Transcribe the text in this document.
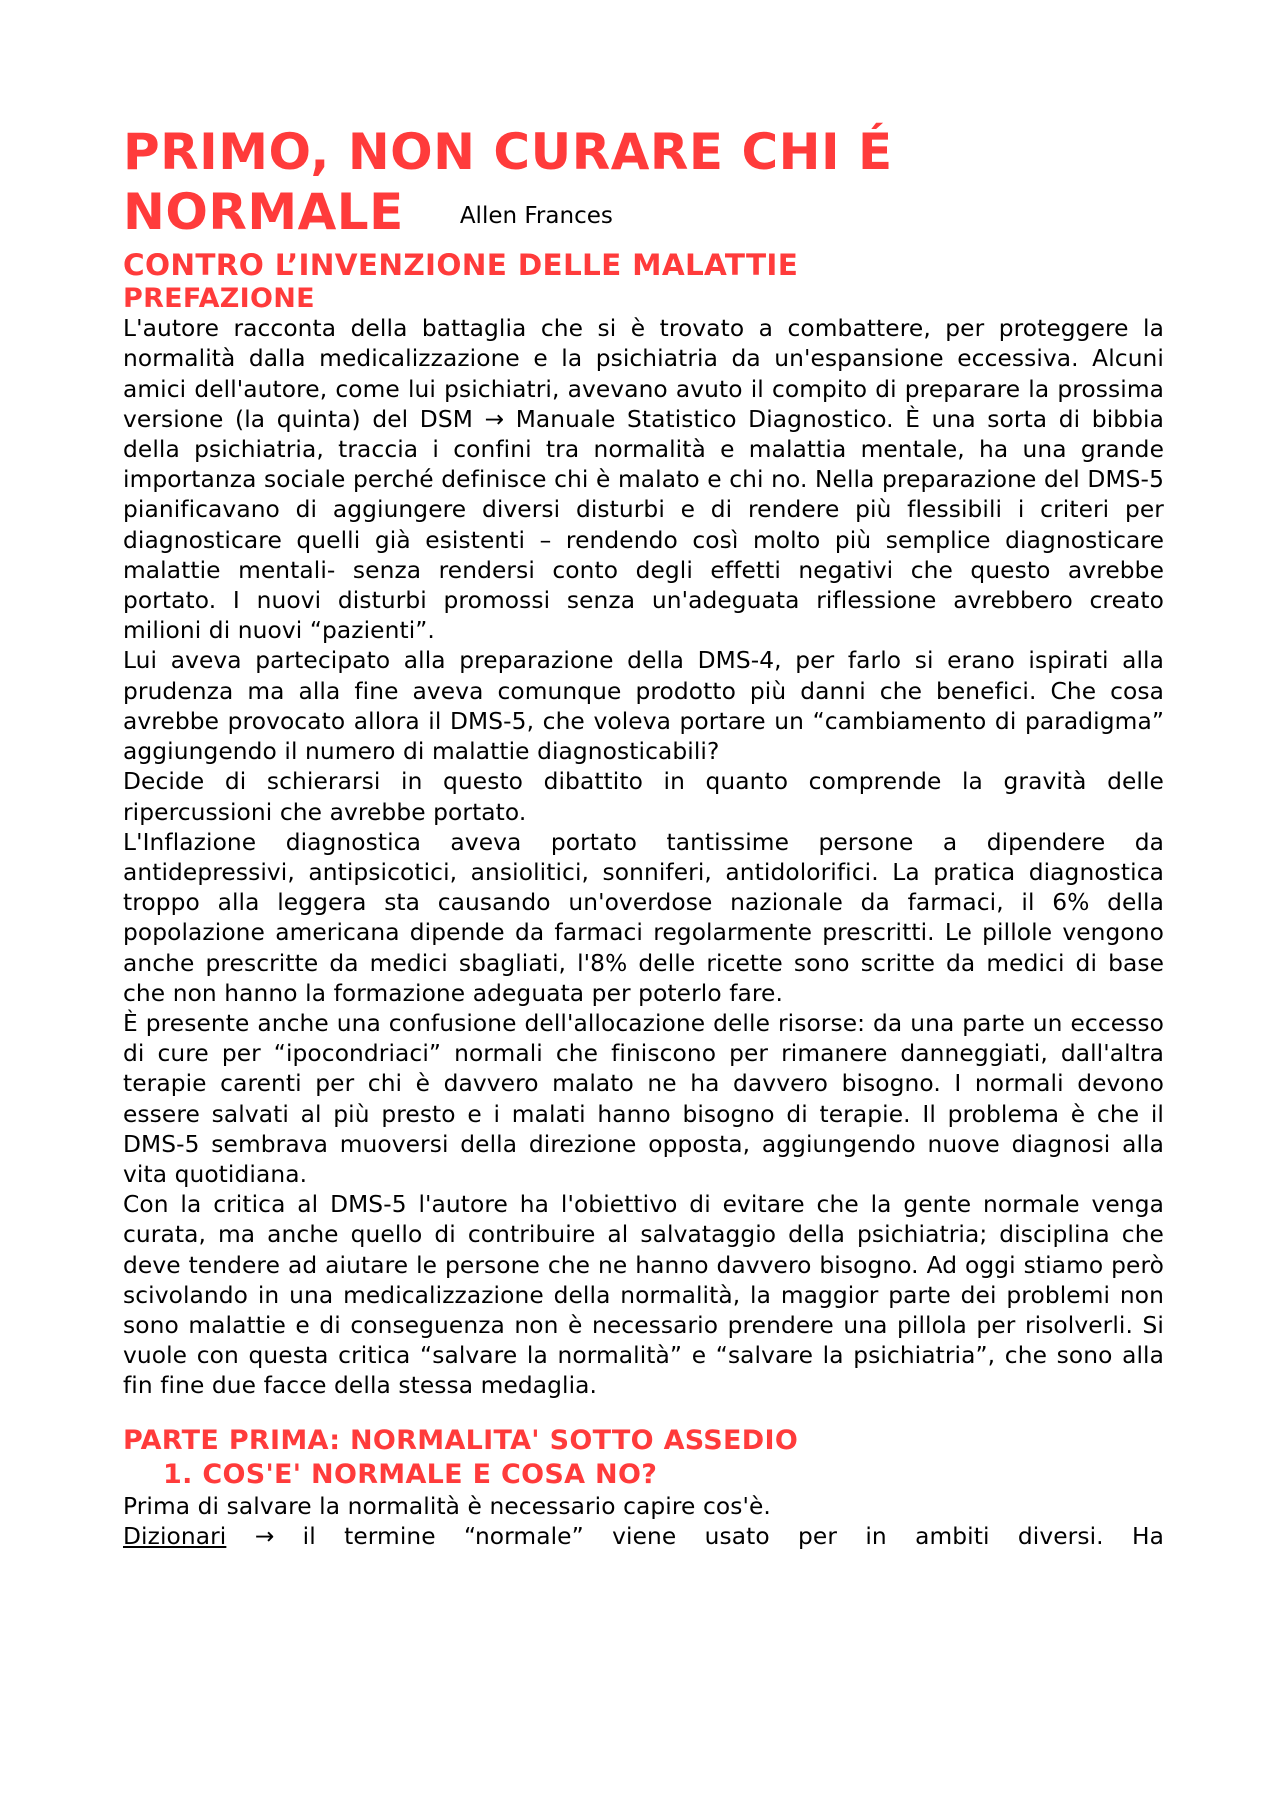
PRIMO, NON CURARE CHI É
NORMALE Allen Frances
CONTRO L’INVENZIONE DELLE MALATTIE
PREFAZIONE

L'autore racconta della battaglia che si è trovato a combattere, per proteggere la normalità dalla medicalizzazione e la psichiatria da un'espansione eccessiva. Alcuni amici dell'autore, come lui psichiatri, avevano avuto il compito di preparare la prossima versione (la quinta) del DSM → Manuale Statistico Diagnostico. È una sorta di bibbia della psichiatria, traccia i confini tra normalità e malattia mentale, ha una grande importanza sociale perché definisce chi è malato e chi no. Nella preparazione del DMS-5 pianificavano di aggiungere diversi disturbi e di rendere più flessibili i criteri per diagnosticare quelli già esistenti – rendendo così molto più semplice diagnosticare malattie mentali- senza rendersi conto degli effetti negativi che questo avrebbe portato. I nuovi disturbi promossi senza un'adeguata riflessione avrebbero creato milioni di nuovi “pazienti”.

Lui aveva partecipato alla preparazione della DMS-4, per farlo si erano ispirati alla prudenza ma alla fine aveva comunque prodotto più danni che benefici. Che cosa avrebbe provocato allora il DMS-5, che voleva portare un “cambiamento di paradigma” aggiungendo il numero di malattie diagnosticabili?

Decide di schierarsi in questo dibattito in quanto comprende la gravità delle ripercussioni che avrebbe portato.

L'Inflazione diagnostica aveva portato tantissime persone a dipendere da antidepressivi, antipsicotici, ansiolitici, sonniferi, antidolorifici. La pratica diagnostica troppo alla leggera sta causando un'overdose nazionale da farmaci, il 6% della popolazione americana dipende da farmaci regolarmente prescritti. Le pillole vengono anche prescritte da medici sbagliati, l'8% delle ricette sono scritte da medici di base che non hanno la formazione adeguata per poterlo fare.

È presente anche una confusione dell'allocazione delle risorse: da una parte un eccesso di cure per “ipocondriaci” normali che finiscono per rimanere danneggiati, dall'altra terapie carenti per chi è davvero malato ne ha davvero bisogno. I normali devono essere salvati al più presto e i malati hanno bisogno di terapie. Il problema è che il DMS-5 sembrava muoversi della direzione opposta, aggiungendo nuove diagnosi alla vita quotidiana.

Con la critica al DMS-5 l'autore ha l'obiettivo di evitare che la gente normale venga curata, ma anche quello di contribuire al salvataggio della psichiatria; disciplina che deve tendere ad aiutare le persone che ne hanno davvero bisogno. Ad oggi stiamo però scivolando in una medicalizzazione della normalità, la maggior parte dei problemi non sono malattie e di conseguenza non è necessario prendere una pillola per risolverli. Si vuole con questa critica “salvare la normalità” e “salvare la psichiatria”, che sono alla fin fine due facce della stessa medaglia.

PARTE PRIMA: NORMALITA' SOTTO ASSEDIO
1. COS'E' NORMALE E COSA NO?

Prima di salvare la normalità è necessario capire cos'è.

Dizionari → il termine “normale” viene usato per in ambiti diversi. Ha
